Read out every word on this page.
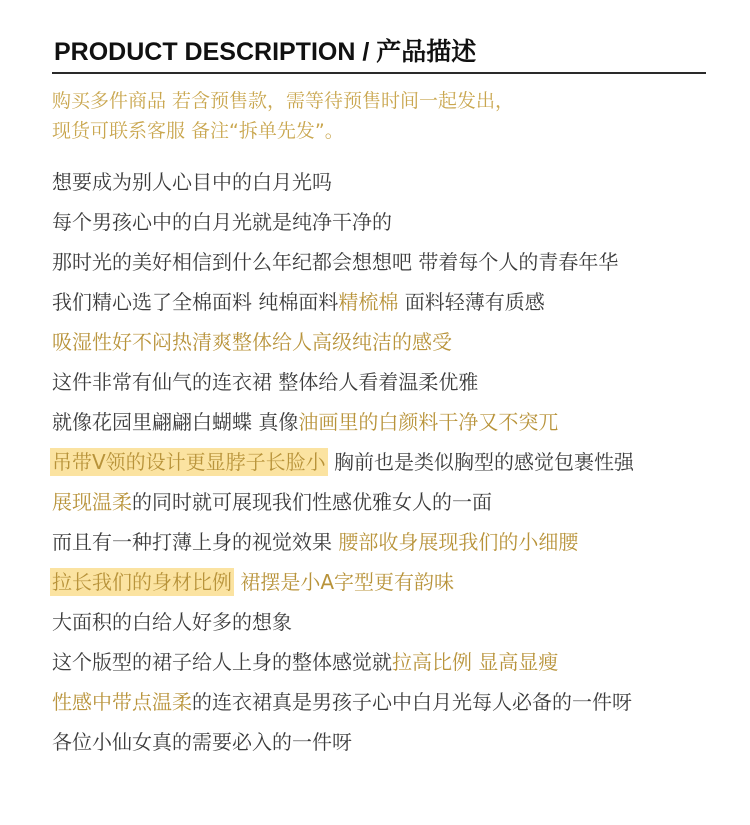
PRODUCT DESCRIPTION / 产品描述
购买多件商品 若含预售款，需等待预售时间一起发出，
现货可联系客服 备注“拆单先发”。
想要成为别人心目中的白月光吗
每个男孩心中的白月光就是纯净干净的
那时光的美好相信到什么年纪都会想想吧 带着每个人的青春年华
我们精心选了全棉面料 纯棉面料精梳棉 面料轻薄有质感
吸湿性好不闷热清爽整体给人高级纯洁的感受
这件非常有仙气的连衣裙 整体给人看着温柔优雅
就像花园里翩翩白蝴蝶 真像油画里的白颜料干净又不突兀
吊带V领的设计更显脖子长脸小 胸前也是类似胸型的感觉包裹性强
展现温柔的同时就可展现我们性感优雅女人的一面
而且有一种打薄上身的视觉效果 腰部收身展现我们的小细腰
拉长我们的身材比例 裙摆是小A字型更有韵味
大面积的白给人好多的想象
这个版型的裙子给人上身的整体感觉就拉高比例 显高显瘦
性感中带点温柔的连衣裙真是男孩子心中白月光每人必备的一件呀
各位小仙女真的需要必入的一件呀
